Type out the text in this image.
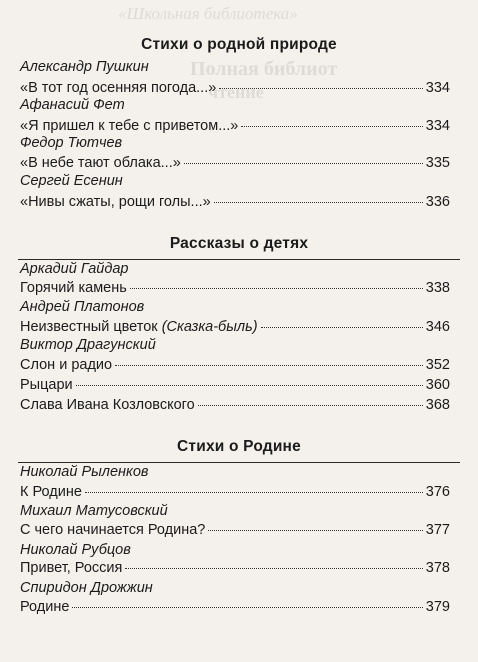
«Школьная библиотека»
Полная библиот
чтение
Стихи о родной природе
Александр Пушкин
«В тот год осенняя погода...»	334
Афанасий Фет
«Я пришел к тебе с приветом...»	334
Федор Тютчев
«В небе тают облака...»	335
Сергей Есенин
«Нивы сжаты, рощи голы...»	336
Рассказы о детях
Аркадий Гайдар
Горячий камень	338
Андрей Платонов
Неизвестный цветок (Сказка-быль)	346
Виктор Драгунский
Слон и радио	352
Рыцари	360
Слава Ивана Козловского	368
Стихи о Родине
Николай Рыленков
К Родине	376
Михаил Матусовский
С чего начинается Родина?	377
Николай Рубцов
Привет, Россия	378
Спиридон Дрожжин
Родине	379
